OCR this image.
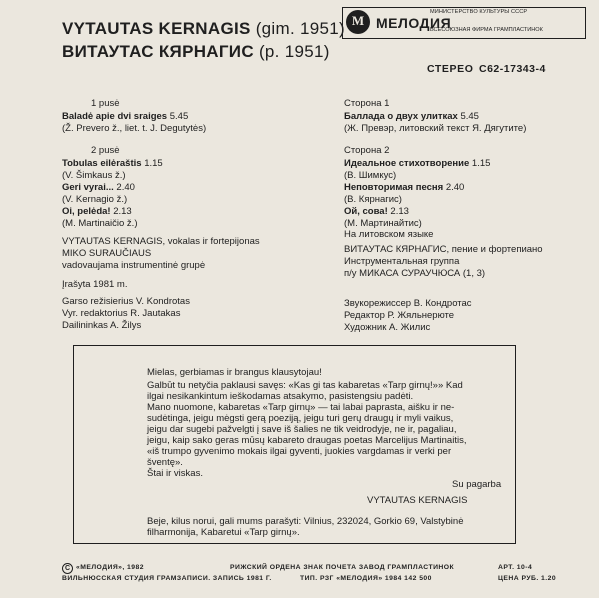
VYTAUTAS KERNAGIS (gim. 1951)
ВИТАУТАС КЯРНАГИС (р. 1951)
М
МИНИСТЕРСТВО КУЛЬТУРЫ СССР
МЕЛОДИЯ
ВСЕСОЮЗНАЯ ФИРМА ГРАМПЛАСТИНОК
СТЕРЕО С62-17343-4
1 pusė
Baladė apie dvi sraiges 5.45
(Ž. Prevero ž., liet. t. J. Degutytės)
2 pusė
Tobulas eilėraštis 1.15
(V. Šimkaus ž.)
Geri vyrai... 2.40
(V. Kernagio ž.)
Oi, pelėda! 2.13
(M. Martinaičio ž.)
VYTAUTAS KERNAGIS, vokalas ir fortepijonas
MIKO SURAUČIAUS
vadovaujama instrumentinė grupė
Įrašyta 1981 m.
Garso režisierius V. Kondrotas
Vyr. redaktorius R. Jautakas
Dailininkas A. Žilys
Сторона 1
Баллада о двух улитках 5.45
(Ж. Превэр, литовский текст Я. Дягутите)
Сторона 2
Идеальное стихотворение 1.15
(В. Шимкус)
Неповторимая песня 2.40
(В. Кярнагис)
Ой, сова! 2.13
(М. Мартинайтис)
На литовском языке
ВИТАУТАС КЯРНАГИС, пение и фортепиано
Инструментальная группа
п/у МИКАСА СУРАУЧЮСА (1, 3)
Звукорежиссер В. Кондротас
Редактор Р. Жяльнерюте
Художник А. Жилис
Mielas, gerbiamas ir brangus klausytojau!
Galbūt tu netyčia paklausi savęs: «Kas gi tas kabaretas «Tarp girnų!»» Kad
ilgai nesikankintum ieškodamas atsakymo, pasistengsiu padėti.
Mano nuomone, kabaretas «Tarp girnų» — tai labai paprasta, aišku ir ne-
sudėtinga, jeigu mėgsti gerą poeziją, jeigu turi gerų draugų ir myli vaikus,
jeigu dar sugebi pažvelgti į save iš šalies ne tik veidrodyje, ne ir, pagaliau,
jeigu, kaip sako geras mūsų kabareto draugas poetas Marcelijus Martinaitis,
«iš trumpo gyvenimo mokais ilgai gyventi, juokies vargdamas ir verki per
šventę».
Štai ir viskas.
Su pagarba
VYTAUTAS KERNAGIS
Beje, kilus norui, gali mums parašyti: Vilnius, 232024, Gorkio 69, Valstybinė
filharmonija, Kabaretui «Tarp girnų».
С «МЕЛОДИЯ», 1982
ВИЛЬНЮССКАЯ СТУДИЯ ГРАМЗАПИСИ. ЗАПИСЬ 1981 Г.
РИЖСКИЙ ОРДЕНА ЗНАК ПОЧЕТА ЗАВОД ГРАМПЛАСТИНОК
ТИП. РЗГ «МЕЛОДИЯ» 1984 142 500
АРТ. 10-4
ЦЕНА РУБ. 1.20
